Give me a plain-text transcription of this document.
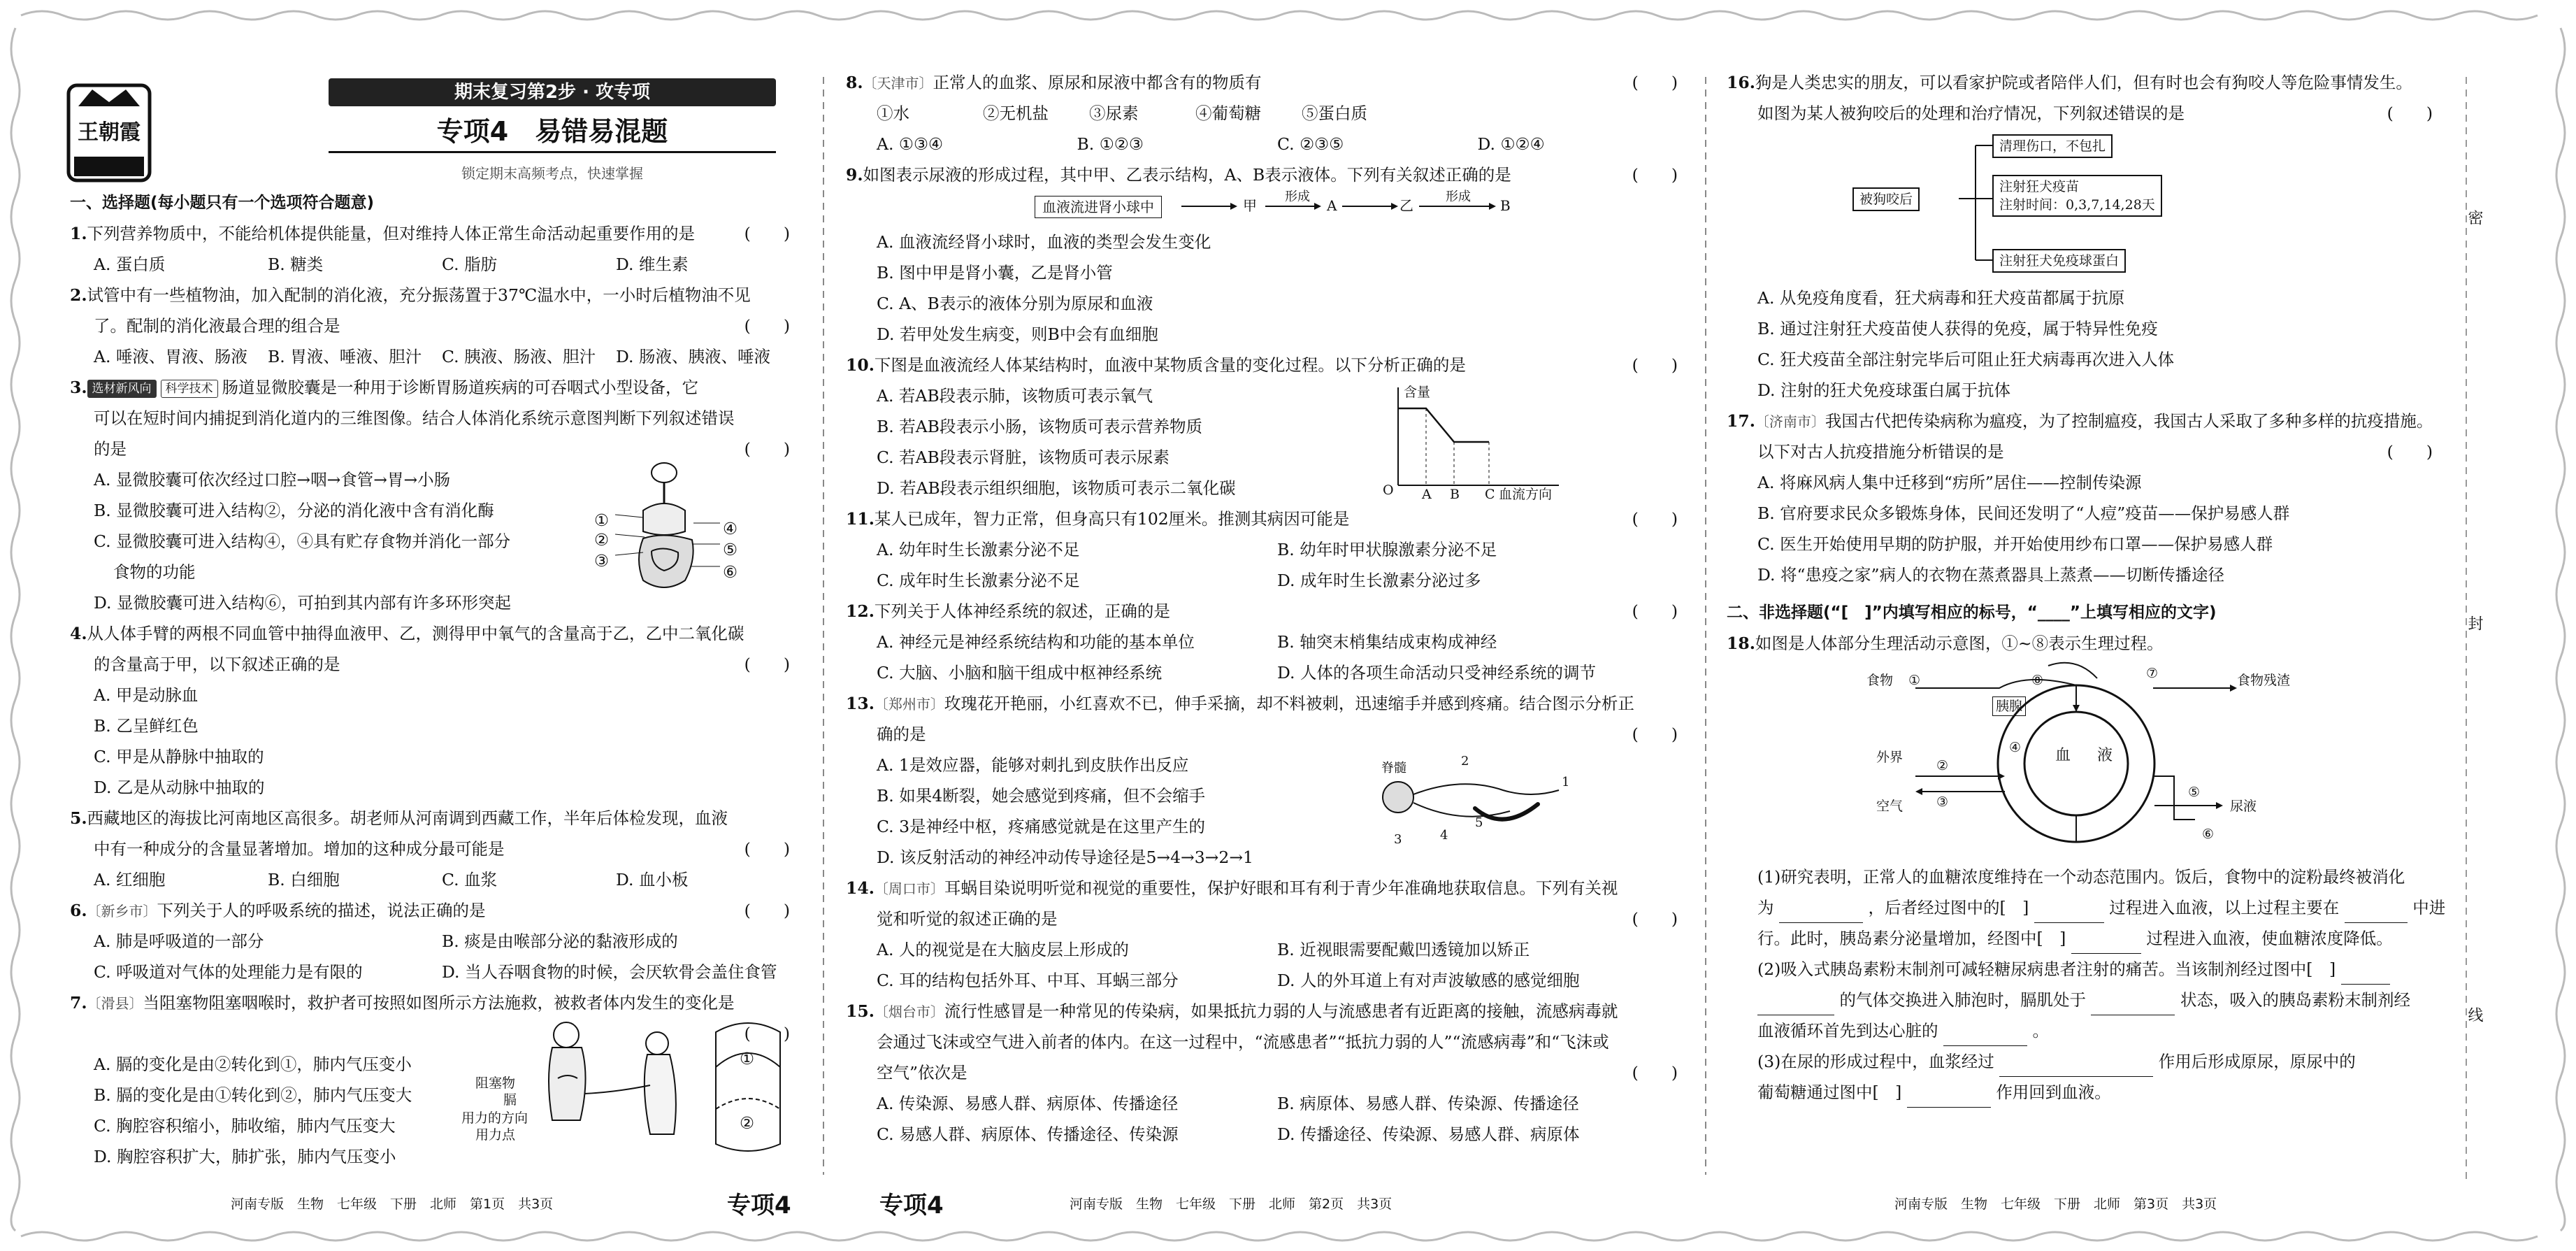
密
封
线
王朝霞
期末复习第2步 · 攻专项
专项4　易错易混题
锁定期末高频考点，快速掌握
一、选择题(每小题只有一个选项符合题意)
1.下列营养物质中，不能给机体提供能量，但对维持人体正常生命活动起重要作用的是	(　　)
A. 蛋白质	B. 糖类	C. 脂肪	D. 维生素
2.试管中有一些植物油，加入配制的消化液，充分振荡置于37℃温水中，一小时后植物油不见
了。配制的消化液最合理的组合是	(　　)
A. 唾液、胃液、肠液	B. 胃液、唾液、胆汁	C. 胰液、肠液、胆汁	D. 肠液、胰液、唾液
3. 选材新风向 科学技术 肠道显微胶囊是一种用于诊断胃肠道疾病的可吞咽式小型设备，它
可以在短时间内捕捉到消化道内的三维图像。结合人体消化系统示意图判断下列叙述错误
的是	(　　)
A. 显微胶囊可依次经过口腔→咽→食管→胃→小肠
B. 显微胶囊可进入结构②，分泌的消化液中含有消化酶
C. 显微胶囊可进入结构④，④具有贮存食物并消化一部分
食物的功能
D. 显微胶囊可进入结构⑥，可拍到其内部有许多环形突起
①
②
③
④
⑤
⑥
4.从人体手臂的两根不同血管中抽得血液甲、乙，测得甲中氧气的含量高于乙，乙中二氧化碳
的含量高于甲，以下叙述正确的是	(　　)
A. 甲是动脉血
B. 乙呈鲜红色
C. 甲是从静脉中抽取的
D. 乙是从动脉中抽取的
5.西藏地区的海拔比河南地区高很多。胡老师从河南调到西藏工作，半年后体检发现，血液
中有一种成分的含量显著增加。增加的这种成分最可能是	(　　)
A. 红细胞	B. 白细胞	C. 血浆	D. 血小板
6.〔新乡市〕下列关于人的呼吸系统的描述，说法正确的是	(　　)
A. 肺是呼吸道的一部分	B. 痰是由喉部分泌的黏液形成的
C. 呼吸道对气体的处理能力是有限的	D. 当人吞咽食物的时候，会厌软骨会盖住食管
7.〔滑县〕当阻塞物阻塞咽喉时，救护者可按照如图所示方法施救，被救者体内发生的变化是
(　　)
A. 膈的变化是由②转化到①，肺内气压变小
B. 膈的变化是由①转化到②，肺内气压变大
C. 胸腔容积缩小，肺收缩，肺内气压变大
D. 胸腔容积扩大，肺扩张，肺内气压变小
阻塞物
膈
用力的方向
用力点
①
②
8.〔天津市〕正常人的血浆、原尿和尿液中都含有的物质有	(　　)
①水	②无机盐	③尿素	④葡萄糖	⑤蛋白质
A. ①③④	B. ①②③	C. ②③⑤	D. ①②④
9.如图表示尿液的形成过程，其中甲、乙表示结构，A、B表示液体。下列有关叙述正确的是	(　　)
血液流进肾小球中	甲
形成
A	乙
形成
B
A. 血液流经肾小球时，血液的类型会发生变化
B. 图中甲是肾小囊，乙是肾小管
C. A、B表示的液体分别为原尿和血液
D. 若甲处发生病变，则B中会有血细胞
10.下图是血液流经人体某结构时，血液中某物质含量的变化过程。以下分析正确的是	(　　)
A. 若AB段表示肺，该物质可表示氧气
B. 若AB段表示小肠，该物质可表示营养物质
C. 若AB段表示肾脏，该物质可表示尿素
D. 若AB段表示组织细胞，该物质可表示二氧化碳
含量
O A B C 血流方向
11.某人已成年，智力正常，但身高只有102厘米。推测其病因可能是	(　　)
A. 幼年时生长激素分泌不足	B. 幼年时甲状腺激素分泌不足
C. 成年时生长激素分泌不足	D. 成年时生长激素分泌过多
12.下列关于人体神经系统的叙述，正确的是	(　　)
A. 神经元是神经系统结构和功能的基本单位	B. 轴突末梢集结成束构成神经
C. 大脑、小脑和脑干组成中枢神经系统	D. 人体的各项生命活动只受神经系统的调节
13.〔郑州市〕玫瑰花开艳丽，小红喜欢不已，伸手采摘，却不料被刺，迅速缩手并感到疼痛。结合图示分析正
确的是	(　　)
A. 1是效应器，能够对刺扎到皮肤作出反应
B. 如果4断裂，她会感觉到疼痛，但不会缩手
C. 3是神经中枢，疼痛感觉就是在这里产生的
D. 该反射活动的神经冲动传导途径是5→4→3→2→1
脊髓
1
2
3	4
5
14.〔周口市〕耳蜗目染说明听觉和视觉的重要性，保护好眼和耳有利于青少年准确地获取信息。下列有关视
觉和听觉的叙述正确的是	(　　)
A. 人的视觉是在大脑皮层上形成的	B. 近视眼需要配戴凹透镜加以矫正
C. 耳的结构包括外耳、中耳、耳蜗三部分	D. 人的外耳道上有对声波敏感的感觉细胞
15.〔烟台市〕流行性感冒是一种常见的传染病，如果抵抗力弱的人与流感患者有近距离的接触，流感病毒就
会通过飞沫或空气进入前者的体内。在这一过程中，“流感患者”“抵抗力弱的人”“流感病毒”和“飞沫或
空气”依次是	(　　)
A. 传染源、易感人群、病原体、传播途径	B. 病原体、易感人群、传染源、传播途径
C. 易感人群、病原体、传播途径、传染源	D. 传播途径、传染源、易感人群、病原体
16.狗是人类忠实的朋友，可以看家护院或者陪伴人们，但有时也会有狗咬人等危险事情发生。
如图为某人被狗咬后的处理和治疗情况，下列叙述错误的是	(　　)
被狗咬后
清理伤口，不包扎
注射狂犬疫苗
注射时间：0,3,7,14,28天
注射狂犬免疫球蛋白
A. 从免疫角度看，狂犬病毒和狂犬疫苗都属于抗原
B. 通过注射狂犬疫苗使人获得的免疫，属于特异性免疫
C. 狂犬疫苗全部注射完毕后可阻止狂犬病毒再次进入人体
D. 注射的狂犬免疫球蛋白属于抗体
17.〔济南市〕我国古代把传染病称为瘟疫，为了控制瘟疫，我国古人采取了多种多样的抗疫措施。
以下对古人抗疫措施分析错误的是	(　　)
A. 将麻风病人集中迁移到“疠所”居住——控制传染源
B. 官府要求民众多锻炼身体，民间还发明了“人痘”疫苗——保护易感人群
C. 医生开始使用早期的防护服，并开始使用纱布口罩——保护易感人群
D. 将“患疫之家”病人的衣物在蒸煮器具上蒸煮——切断传播途径
二、非选择题(“[　]”内填写相应的标号，“____”上填写相应的文字)
18.如图是人体部分生理活动示意图，①~⑧表示生理过程。
食物
胰腺
食物残渣
外界
空气
血 液
尿液
①
②
③
④
⑤
⑥
⑦
⑧
(1)研究表明，正常人的血糖浓度维持在一个动态范围内。饭后，食物中的淀粉最终被消化
为	，后者经过图中的[　]	过程进入血液，以上过程主要在	中进
行。此时，胰岛素分泌量增加，经图中[　]	过程进入血液，使血糖浓度降低。
(2)吸入式胰岛素粉末制剂可减轻糖尿病患者注射的痛苦。当该制剂经过图中[　]
的气体交换进入肺泡时，膈肌处于	状态，吸入的胰岛素粉末制剂经
血液循环首先到达心脏的	。
(3)在尿的形成过程中，血浆经过	作用后形成原尿，原尿中的
葡萄糖通过图中[　]	作用回到血液。
河南专版　生物　七年级　下册　北师　第1页　共3页	专项4	专项4	河南专版　生物　七年级　下册　北师　第2页　共3页	河南专版　生物　七年级　下册　北师　第3页　共3页
